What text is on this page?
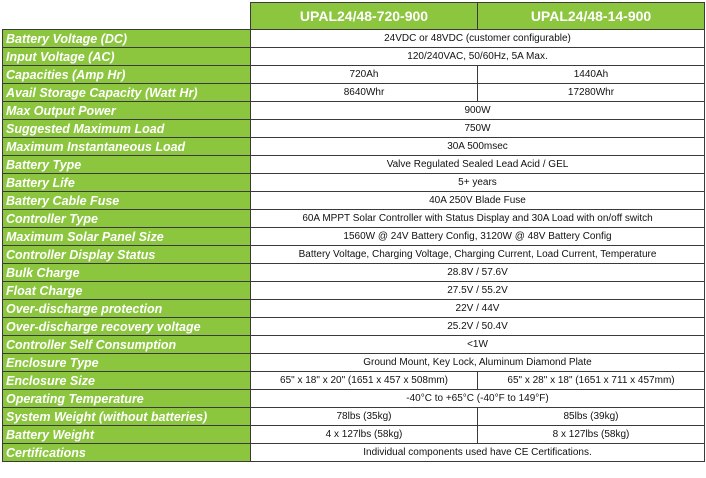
	UPAL24/48-720-900	UPAL24/48-14-900
Battery Voltage (DC)	24VDC or 48VDC (customer configurable)	
Input Voltage (AC)	120/240VAC, 50/60Hz, 5A Max.	
Capacities (Amp Hr)	720Ah	1440Ah
Avail Storage Capacity (Watt Hr)	8640Whr	17280Whr
Max Output Power	900W	
Suggested Maximum Load	750W	
Maximum Instantaneous Load	30A 500msec	
Battery Type	Valve Regulated Sealed Lead Acid / GEL	
Battery Life	5+ years	
Battery Cable Fuse	40A 250V Blade Fuse	
Controller Type	60A MPPT Solar Controller with Status Display and 30A Load with on/off switch	
Maximum Solar Panel Size	1560W @ 24V Battery Config, 3120W @ 48V Battery Config	
Controller Display Status	Battery Voltage, Charging Voltage, Charging Current, Load Current, Temperature	
Bulk Charge	28.8V / 57.6V	
Float Charge	27.5V / 55.2V	
Over-discharge protection	22V / 44V	
Over-discharge recovery voltage	25.2V / 50.4V	
Controller Self Consumption	<1W	
Enclosure Type	Ground Mount, Key Lock, Aluminum Diamond Plate	
Enclosure Size	65" x 18" x 20" (1651 x 457 x 508mm)	65" x 28" x 18" (1651 x 711 x 457mm)
Operating Temperature	-40°C to +65°C (-40°F to 149°F)	
System Weight (without batteries)	78lbs (35kg)	85lbs (39kg)
Battery Weight	4 x 127lbs (58kg)	8 x 127lbs (58kg)
Certifications	Individual components used have CE Certifications.	
